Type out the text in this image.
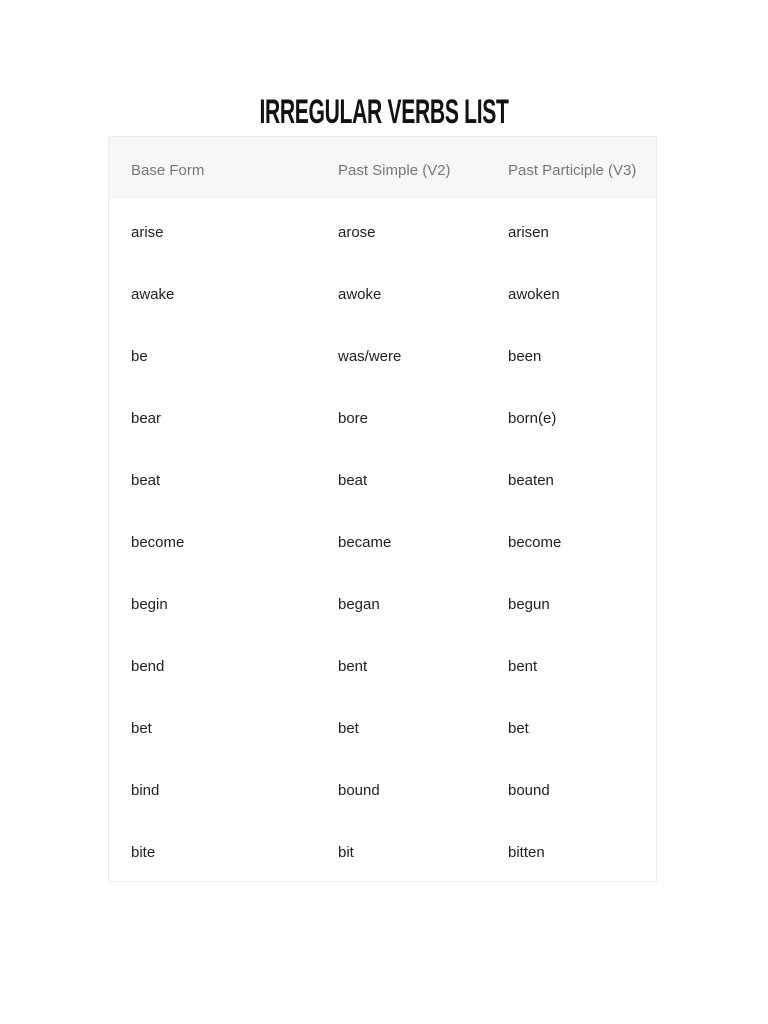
IRREGULAR VERBS LIST
Base Form	Past Simple (V2)	Past Participle (V3)
arise	arose	arisen
awake	awoke	awoken
be	was/were	been
bear	bore	born(e)
beat	beat	beaten
become	became	become
begin	began	begun
bend	bent	bent
bet	bet	bet
bind	bound	bound
bite	bit	bitten
